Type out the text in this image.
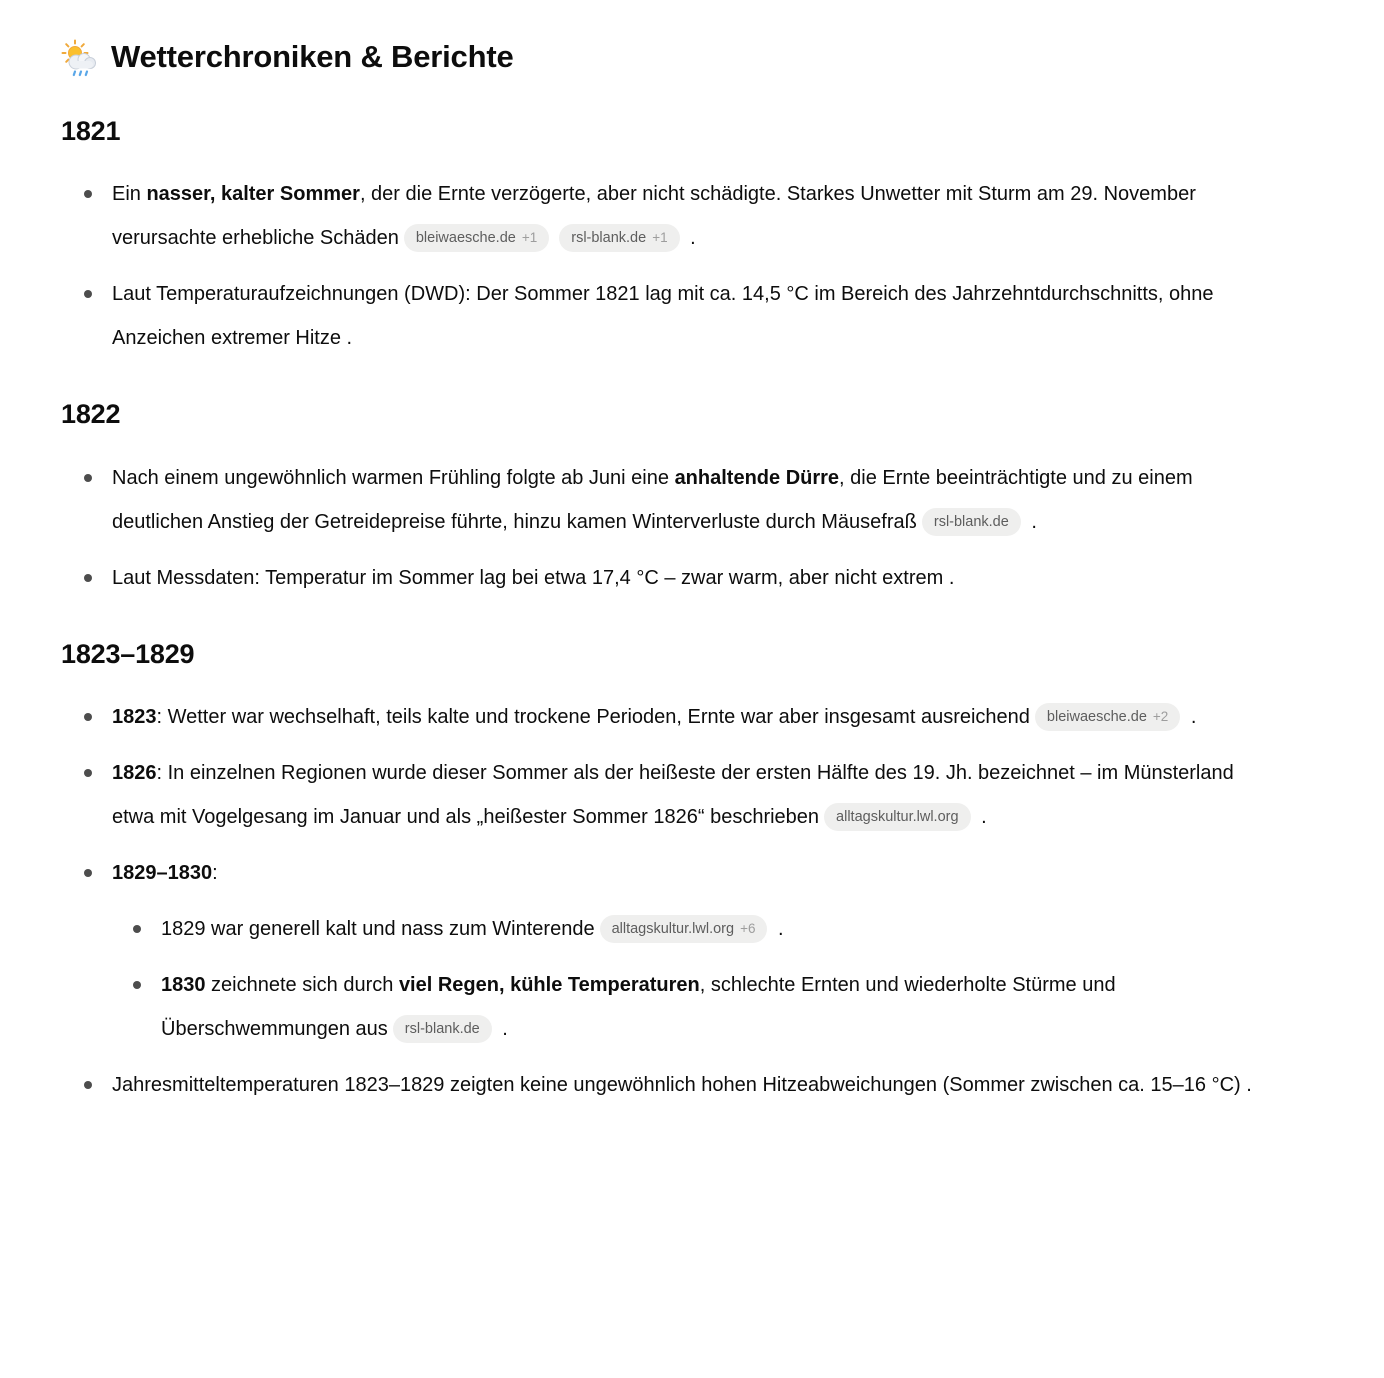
Wetterchroniken & Berichte
1821
Ein nasser, kalter Sommer, der die Ernte verzögerte, aber nicht schädigte. Starkes Unwetter mit Sturm am 29. November verursachte erhebliche Schäden bleiwaesche.de +1 rsl-blank.de +1 .
Laut Temperaturaufzeichnungen (DWD): Der Sommer 1821 lag mit ca. 14,5 °C im Bereich des Jahrzehntdurchschnitts, ohne Anzeichen extremer Hitze .
1822
Nach einem ungewöhnlich warmen Frühling folgte ab Juni eine anhaltende Dürre, die Ernte beeinträchtigte und zu einem deutlichen Anstieg der Getreidepreise führte, hinzu kamen Winterverluste durch Mäusefraß rsl-blank.de .
Laut Messdaten: Temperatur im Sommer lag bei etwa 17,4 °C – zwar warm, aber nicht extrem .
1823–1829
1823: Wetter war wechselhaft, teils kalte und trockene Perioden, Ernte war aber insgesamt ausreichend bleiwaesche.de +2 .
1826: In einzelnen Regionen wurde dieser Sommer als der heißeste der ersten Hälfte des 19. Jh. bezeichnet – im Münsterland etwa mit Vogelgesang im Januar und als „heißester Sommer 1826“ beschrieben alltagskultur.lwl.org .
1829–1830:
1829 war generell kalt und nass zum Winterende alltagskultur.lwl.org +6 .
1830 zeichnete sich durch viel Regen, kühle Temperaturen, schlechte Ernten und wiederholte Stürme und Überschwemmungen aus rsl-blank.de .
Jahresmitteltemperaturen 1823–1829 zeigten keine ungewöhnlich hohen Hitzeabweichungen (Sommer zwischen ca. 15–16 °C) .
